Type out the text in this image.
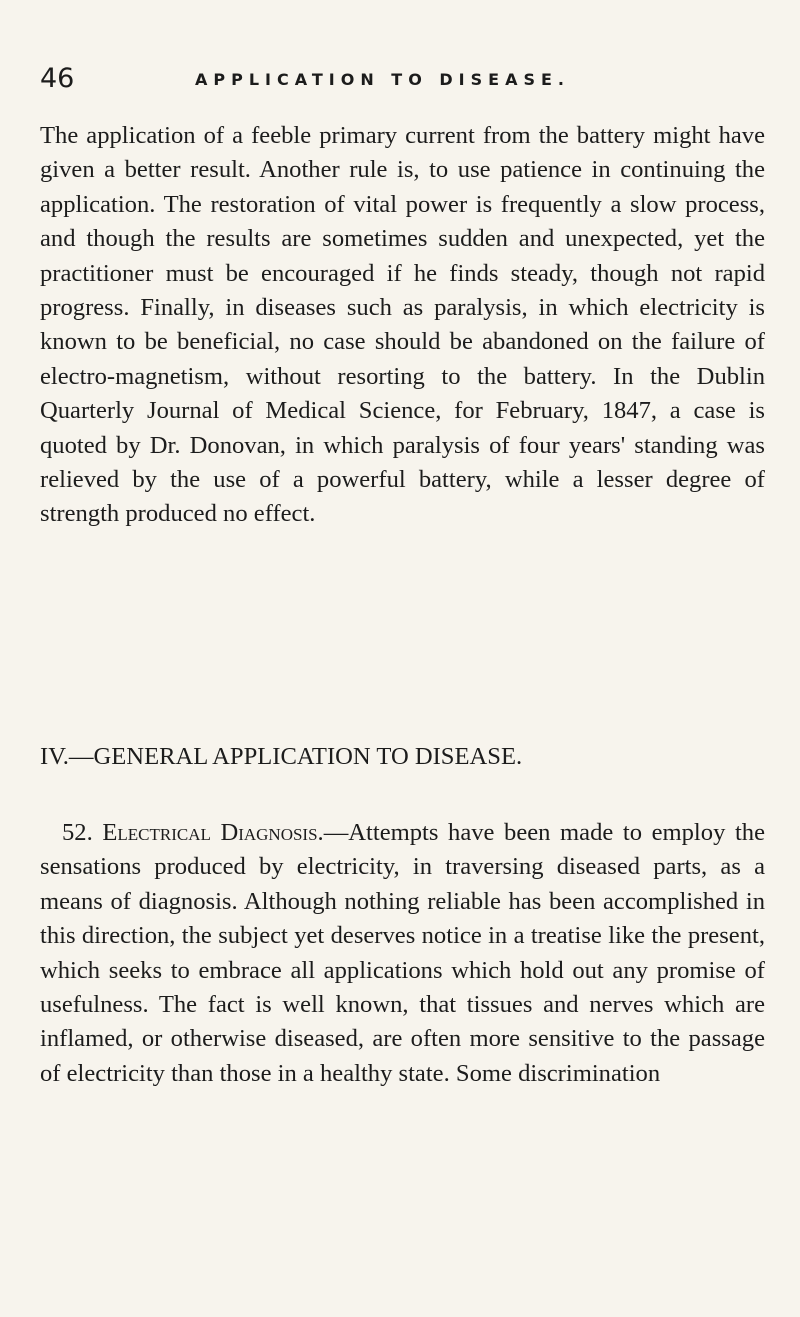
46	APPLICATION TO DISEASE.

The application of a feeble primary current from the battery might have given a better result. Another rule is, to use patience in continuing the application. The restoration of vital power is frequently a slow process, and though the results are sometimes sudden and unexpected, yet the practitioner must be encouraged if he finds steady, though not rapid progress. Finally, in diseases such as paralysis, in which electricity is known to be beneficial, no case should be abandoned on the failure of electro-magnetism, without resorting to the battery. In the Dublin Quarterly Journal of Medical Science, for February, 1847, a case is quoted by Dr. Donovan, in which paralysis of four years' standing was relieved by the use of a powerful battery, while a lesser degree of strength produced no effect.

IV.—GENERAL APPLICATION TO DISEASE.

52. Electrical Diagnosis.—Attempts have been made to employ the sensations produced by electricity, in traversing diseased parts, as a means of diagnosis. Although nothing reliable has been accomplished in this direction, the subject yet deserves notice in a treatise like the present, which seeks to embrace all applications which hold out any promise of usefulness. The fact is well known, that tissues and nerves which are inflamed, or otherwise diseased, are often more sensitive to the passage of electricity than those in a healthy state. Some discrimination
